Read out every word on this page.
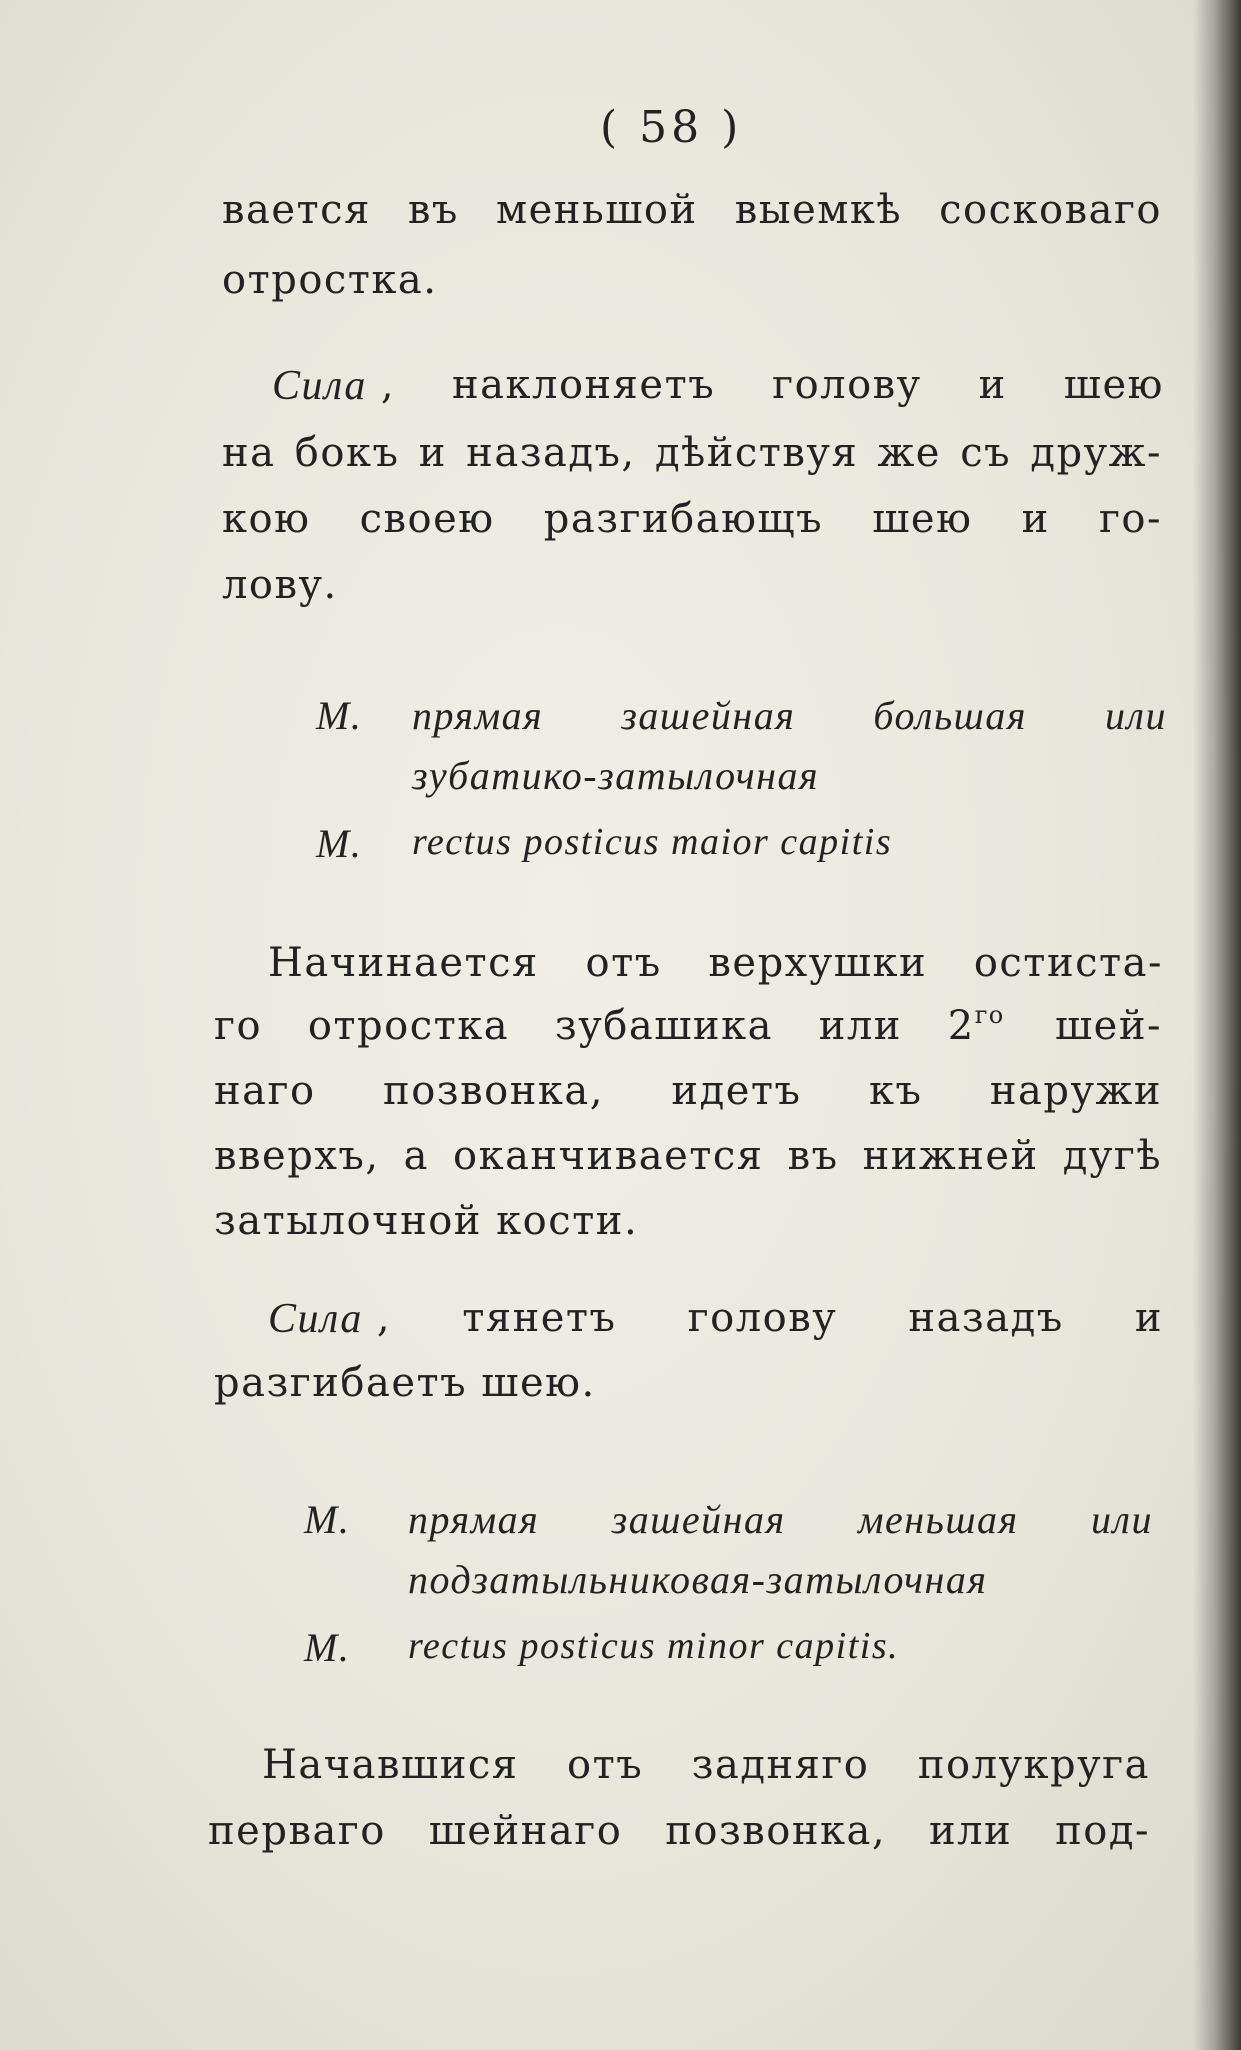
( 58 )
вается въ меньшой выемкѣ сосковаго
отростка.
Сила , наклоняетъ голову и шею
на бокъ и назадъ, дѣйствуя же съ друж-
кою своею разгибающъ шею и го-
лову.
М. прямая зашейная большая или
зубатико-затылочная
M. rectus posticus maior capitis
Начинается отъ верхушки остиста-
го отростка зубашика или $2^{го}$ шей-
наго позвонка, идетъ къ наружи
вверхъ, а оканчивается въ нижней дугѣ
затылочной кости.
Сила , тянетъ голову назадъ и
разгибаетъ шею.
М. прямая зашейная меньшая или
подзатыльниковая-затылочная
M. rectus posticus minor capitis.
Начавшися отъ задняго полукруга
перваго шейнаго позвонка, или под-
